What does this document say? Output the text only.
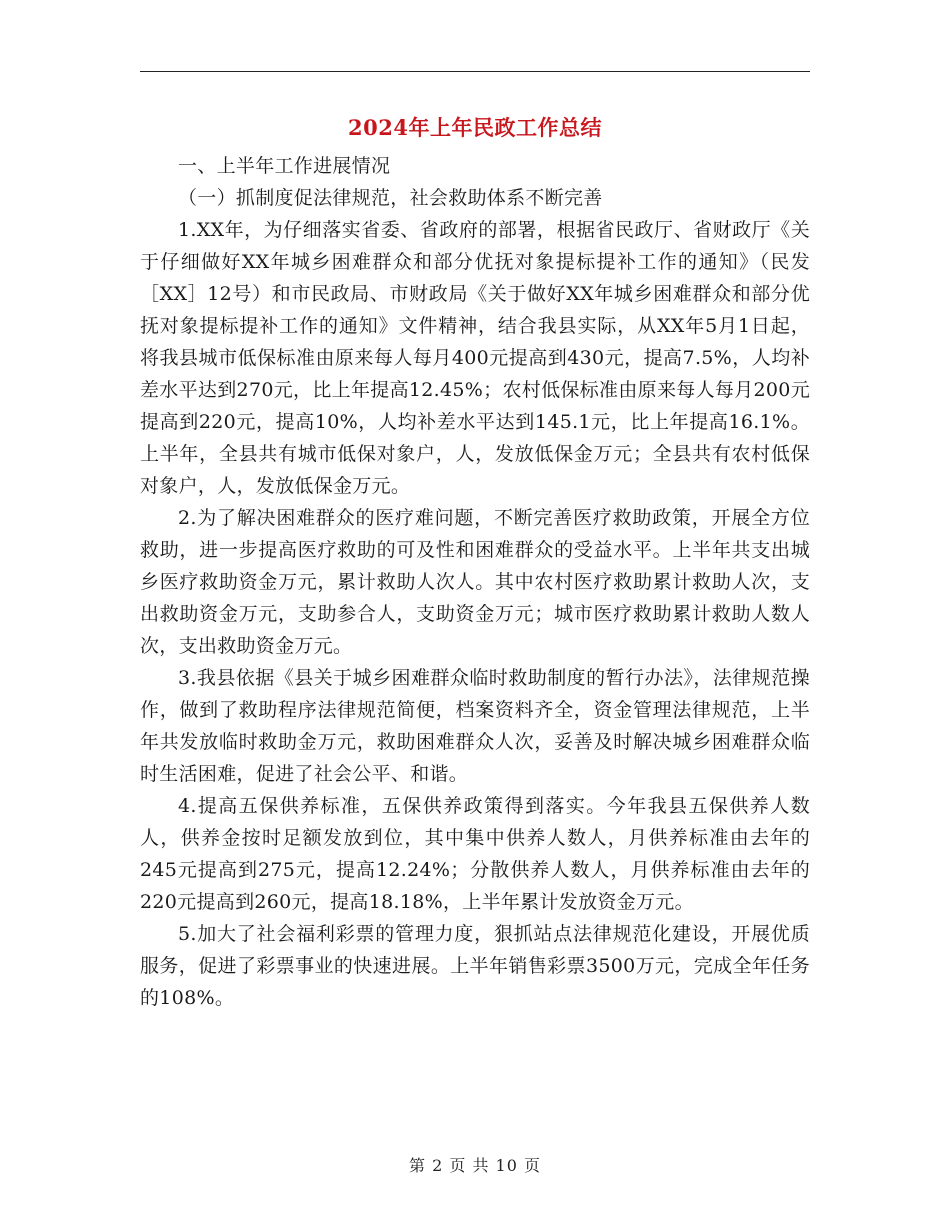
2024年上年民政工作总结

一、上半年工作进展情况

（一）抓制度促法律规范，社会救助体系不断完善

1.XX年，为仔细落实省委、省政府的部署，根据省民政厅、省财政厅《关于仔细做好XX年城乡困难群众和部分优抚对象提标提补工作的通知》（民发［XX］12号）和市民政局、市财政局《关于做好XX年城乡困难群众和部分优抚对象提标提补工作的通知》文件精神，结合我县实际，从XX年5月1日起，将我县城市低保标准由原来每人每月400元提高到430元，提高7.5%，人均补差水平达到270元，比上年提高12.45%；农村低保标准由原来每人每月200元提高到220元，提高10%，人均补差水平达到145.1元，比上年提高16.1%。上半年，全县共有城市低保对象户，人，发放低保金万元；全县共有农村低保对象户，人，发放低保金万元。

2.为了解决困难群众的医疗难问题，不断完善医疗救助政策，开展全方位救助，进一步提高医疗救助的可及性和困难群众的受益水平。上半年共支出城乡医疗救助资金万元，累计救助人次人。其中农村医疗救助累计救助人次，支出救助资金万元，支助参合人，支助资金万元；城市医疗救助累计救助人数人次，支出救助资金万元。

3.我县依据《县关于城乡困难群众临时救助制度的暂行办法》，法律规范操作，做到了救助程序法律规范简便，档案资料齐全，资金管理法律规范，上半年共发放临时救助金万元，救助困难群众人次，妥善及时解决城乡困难群众临时生活困难，促进了社会公平、和谐。

4.提高五保供养标准，五保供养政策得到落实。今年我县五保供养人数人，供养金按时足额发放到位，其中集中供养人数人，月供养标准由去年的245元提高到275元，提高12.24%；分散供养人数人，月供养标准由去年的220元提高到260元，提高18.18%，上半年累计发放资金万元。

5.加大了社会福利彩票的管理力度，狠抓站点法律规范化建设，开展优质服务，促进了彩票事业的快速进展。上半年销售彩票3500万元，完成全年任务的108%。

第 2 页 共 10 页
